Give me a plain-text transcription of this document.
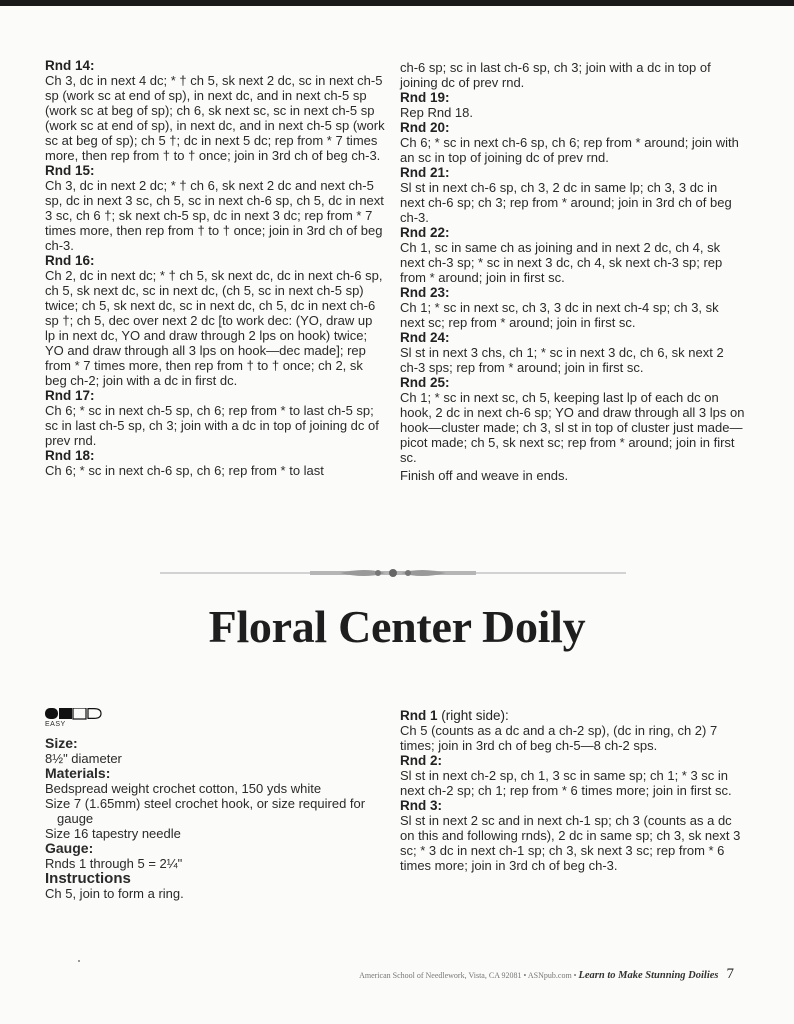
Rnd 14:

Ch 3, dc in next 4 dc; * † ch 5, sk next 2 dc, sc in next ch-5 sp (work sc at end of sp), in next dc, and in next ch-5 sp (work sc at beg of sp); ch 6, sk next sc, sc in next ch-5 sp (work sc at end of sp), in next dc, and in next ch-5 sp (work sc at beg of sp); ch 5 †; dc in next 5 dc; rep from * 7 times more, then rep from † to † once; join in 3rd ch of beg ch-3.

Rnd 15:

Ch 3, dc in next 2 dc; * † ch 6, sk next 2 dc and next ch-5 sp, dc in next 3 sc, ch 5, sc in next ch-6 sp, ch 5, dc in next 3 sc, ch 6 †; sk next ch-5 sp, dc in next 3 dc; rep from * 7 times more, then rep from † to † once; join in 3rd ch of beg ch-3.

Rnd 16:

Ch 2, dc in next dc; * † ch 5, sk next dc, dc in next ch-6 sp, ch 5, sk next dc, sc in next dc, (ch 5, sc in next ch-5 sp) twice; ch 5, sk next dc, sc in next dc, ch 5, dc in next ch-6 sp †; ch 5, dec over next 2 dc [to work dec: (YO, draw up lp in next dc, YO and draw through 2 lps on hook) twice; YO and draw through all 3 lps on hook—dec made]; rep from * 7 times more, then rep from † to † once; ch 2, sk beg ch-2; join with a dc in first dc.

Rnd 17:

Ch 6; * sc in next ch-5 sp, ch 6; rep from * to last ch-5 sp; sc in last ch-5 sp, ch 3; join with a dc in top of joining dc of prev rnd.

Rnd 18:

Ch 6; * sc in next ch-6 sp, ch 6; rep from * to last

ch-6 sp; sc in last ch-6 sp, ch 3; join with a dc in top of joining dc of prev rnd.

Rnd 19:

Rep Rnd 18.

Rnd 20:

Ch 6; * sc in next ch-6 sp, ch 6; rep from * around; join with an sc in top of joining dc of prev rnd.

Rnd 21:

Sl st in next ch-6 sp, ch 3, 2 dc in same lp; ch 3, 3 dc in next ch-6 sp; ch 3; rep from * around; join in 3rd ch of beg ch-3.

Rnd 22:

Ch 1, sc in same ch as joining and in next 2 dc, ch 4, sk next ch-3 sp; * sc in next 3 dc, ch 4, sk next ch-3 sp; rep from * around; join in first sc.

Rnd 23:

Ch 1; * sc in next sc, ch 3, 3 dc in next ch-4 sp; ch 3, sk next sc; rep from * around; join in first sc.

Rnd 24:

Sl st in next 3 chs, ch 1; * sc in next 3 dc, ch 6, sk next 2 ch-3 sps; rep from * around; join in first sc.

Rnd 25:

Ch 1; * sc in next sc, ch 5, keeping last lp of each dc on hook, 2 dc in next ch-6 sp; YO and draw through all 3 lps on hook—cluster made; ch 3, sl st in top of cluster just made—picot made; ch 5, sk next sc; rep from * around; join in first sc.

Finish off and weave in ends.

Floral Center Doily
EASY

Size:

8½" diameter

Materials:

Bedspread weight crochet cotton, 150 yds white

Size 7 (1.65mm) steel crochet hook, or size required for gauge

Size 16 tapestry needle

Gauge:

Rnds 1 through 5 = 2¼"

Instructions

Ch 5, join to form a ring.

Rnd 1 (right side):

Ch 5 (counts as a dc and a ch-2 sp), (dc in ring, ch 2) 7 times; join in 3rd ch of beg ch-5—8 ch-2 sps.

Rnd 2:

Sl st in next ch-2 sp, ch 1, 3 sc in same sp; ch 1; * 3 sc in next ch-2 sp; ch 1; rep from * 6 times more; join in first sc.

Rnd 3:

Sl st in next 2 sc and in next ch-1 sp; ch 3 (counts as a dc on this and following rnds), 2 dc in same sp; ch 3, sk next 3 sc; * 3 dc in next ch-1 sp; ch 3, sk next 3 sc; rep from * 6 times more; join in 3rd ch of beg ch-3.

American School of Needlework, Vista, CA 92081 • ASNpub.com • Learn to Make Stunning Doilies 7
